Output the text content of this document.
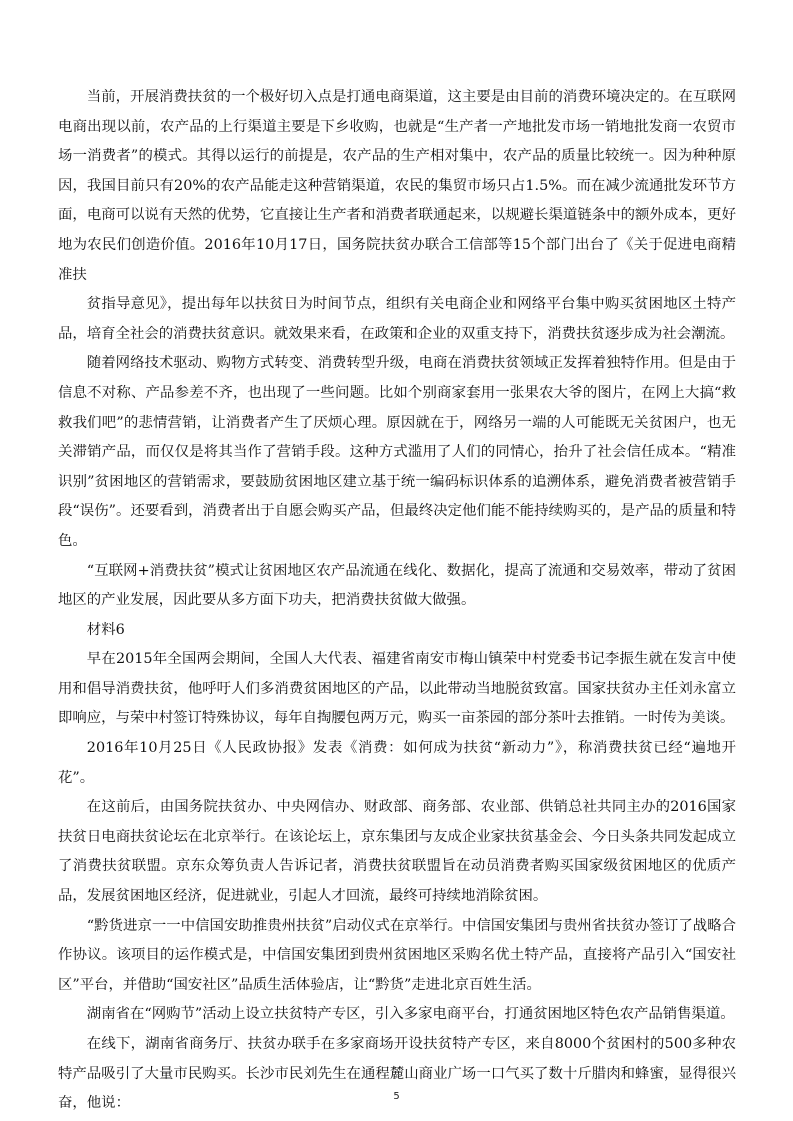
当前，开展消费扶贫的一个极好切入点是打通电商渠道，这主要是由目前的消费环境决定的。在互联网电商出现以前，农产品的上行渠道主要是下乡收购，也就是“生产者一产地批发市场一销地批发商一农贸市场一消费者”的模式。其得以运行的前提是，农产品的生产相对集中，农产品的质量比较统一。因为种种原因，我国目前只有20%的农产品能走这种营销渠道，农民的集贸市场只占1.5%。而在减少流通批发环节方面，电商可以说有天然的优势，它直接让生产者和消费者联通起来，以规避长渠道链条中的额外成本，更好地为农民们创造价值。2016年10月17日，国务院扶贫办联合工信部等15个部门出台了《关于促进电商精准扶

贫指导意见》，提出每年以扶贫日为时间节点，组织有关电商企业和网络平台集中购买贫困地区土特产品，培育全社会的消费扶贫意识。就效果来看，在政策和企业的双重支持下，消费扶贫逐步成为社会潮流。

随着网络技术驱动、购物方式转变、消费转型升级，电商在消费扶贫领域正发挥着独特作用。但是由于信息不对称、产品参差不齐，也出现了一些问题。比如个别商家套用一张果农大爷的图片，在网上大搞“救救我们吧”的悲情营销，让消费者产生了厌烦心理。原因就在于，网络另一端的人可能既无关贫困户，也无关滞销产品，而仅仅是将其当作了营销手段。这种方式滥用了人们的同情心，抬升了社会信任成本。“精准识别”贫困地区的营销需求，要鼓励贫困地区建立基于统一编码标识体系的追溯体系，避免消费者被营销手段“误伤”。还要看到，消费者出于自愿会购买产品，但最终决定他们能不能持续购买的，是产品的质量和特色。

“互联网+消费扶贫”模式让贫困地区农产品流通在线化、数据化，提高了流通和交易效率，带动了贫困地区的产业发展，因此要从多方面下功夫，把消费扶贫做大做强。

材料6

早在2015年全国两会期间，全国人大代表、福建省南安市梅山镇荣中村党委书记李振生就在发言中使用和倡导消费扶贫，他呼吁人们多消费贫困地区的产品，以此带动当地脱贫致富。国家扶贫办主任刘永富立即响应，与荣中村签订特殊协议，每年自掏腰包两万元，购买一亩茶园的部分茶叶去推销。一时传为美谈。

2016年10月25日《人民政协报》发表《消费：如何成为扶贫“新动力”》，称消费扶贫已经“遍地开花”。

在这前后，由国务院扶贫办、中央网信办、财政部、商务部、农业部、供销总社共同主办的2016国家扶贫日电商扶贫论坛在北京举行。在该论坛上，京东集团与友成企业家扶贫基金会、今日头条共同发起成立了消费扶贫联盟。京东众筹负责人告诉记者，消费扶贫联盟旨在动员消费者购买国家级贫困地区的优质产品，发展贫困地区经济，促进就业，引起人才回流，最终可持续地消除贫困。

“黔货进京一一中信国安助推贵州扶贫”启动仪式在京举行。中信国安集团与贵州省扶贫办签订了战略合作协议。该项目的运作模式是，中信国安集团到贵州贫困地区采购名优土特产品，直接将产品引入“国安社区”平台，并借助“国安社区”品质生活体验店，让“黔货”走进北京百姓生活。

湖南省在“网购节”活动上设立扶贫特产专区，引入多家电商平台，打通贫困地区特色农产品销售渠道。

在线下，湖南省商务厅、扶贫办联手在多家商场开设扶贫特产专区，来自8000个贫困村的500多种农特产品吸引了大量市民购买。长沙市民刘先生在通程麓山商业广场一口气买了数十斤腊肉和蜂蜜，显得很兴奋，他说：	5
